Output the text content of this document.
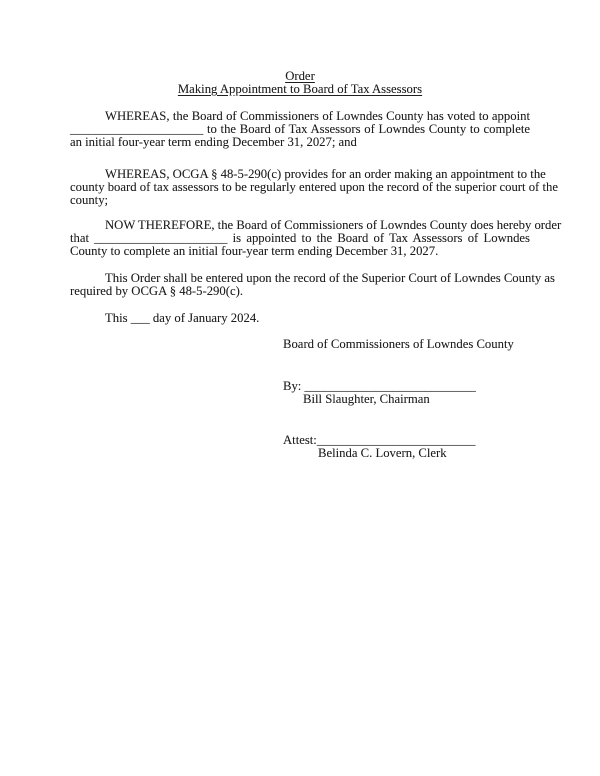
Order
Making Appointment to Board of Tax Assessors
WHEREAS, the Board of Commissioners of Lowndes County has voted to appoint
_____________________ to the Board of Tax Assessors of Lowndes County to complete
an initial four-year term ending December 31, 2027; and
WHEREAS, OCGA § 48-5-290(c) provides for an order making an appointment to the
county board of tax assessors to be regularly entered upon the record of the superior court of the
county;
NOW THEREFORE, the Board of Commissioners of Lowndes County does hereby order
that _____________________ is appointed to the Board of Tax Assessors of Lowndes
County to complete an initial four-year term ending December 31, 2027.
This Order shall be entered upon the record of the Superior Court of Lowndes County as
required by OCGA § 48-5-290(c).
This ___ day of January 2024.
Board of Commissioners of Lowndes County
By: ___________________________
Bill Slaughter, Chairman
Attest:_________________________
Belinda C. Lovern, Clerk
